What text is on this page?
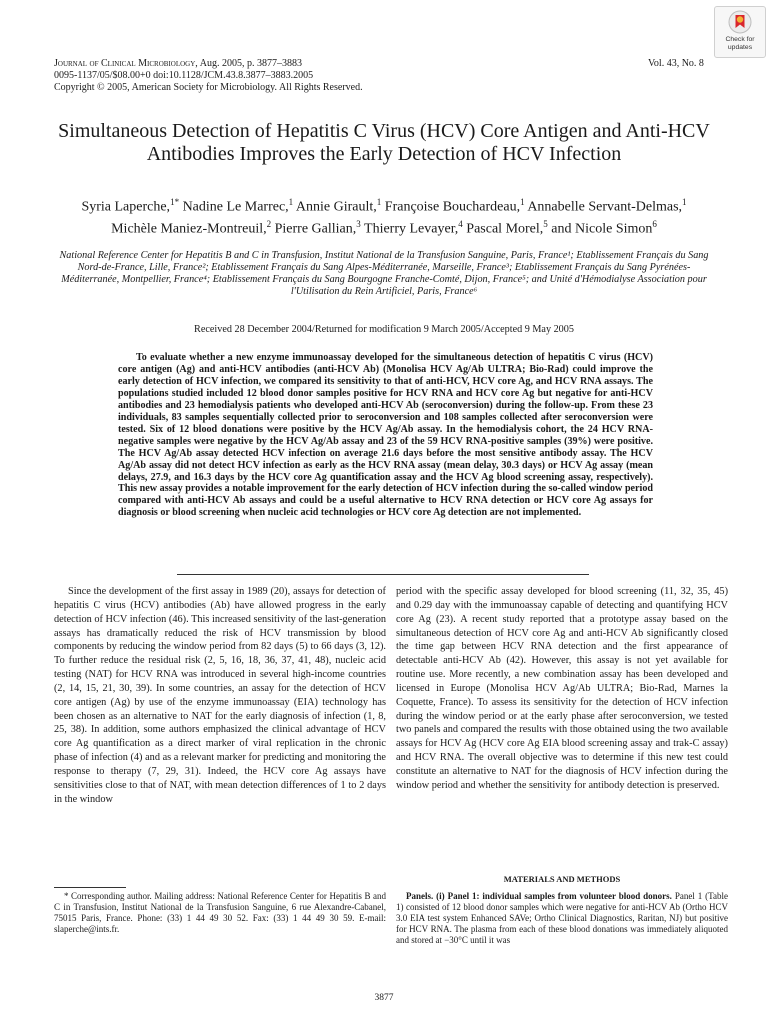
Journal of Clinical Microbiology, Aug. 2005, p. 3877–3883
0095-1137/05/$08.00+0 doi:10.1128/JCM.43.8.3877–3883.2005
Copyright © 2005, American Society for Microbiology. All Rights Reserved.
Vol. 43, No. 8
Check for
updates
Simultaneous Detection of Hepatitis C Virus (HCV) Core Antigen and Anti-HCV Antibodies Improves the Early Detection of HCV Infection
Syria Laperche,$^{1*}$ Nadine Le Marrec,$^1$ Annie Girault,$^1$ Françoise Bouchardeau,$^1$ Annabelle Servant-Delmas,$^1$ Michèle Maniez-Montreuil,$^2$ Pierre Gallian,$^3$ Thierry Levayer,$^4$ Pascal Morel,$^5$ and Nicole Simon$^6$
National Reference Center for Hepatitis B and C in Transfusion, Institut National de la Transfusion Sanguine, Paris, France¹; Etablissement Français du Sang Nord-de-France, Lille, France²; Etablissement Français du Sang Alpes-Méditerranée, Marseille, France³; Etablissement Français du Sang Pyrénées-Méditerranée, Montpellier, France⁴; Etablissement Français du Sang Bourgogne Franche-Comté, Dijon, France⁵; and Unité d'Hémodialyse Association pour l'Utilisation du Rein Artificiel, Paris, France⁶
Received 28 December 2004/Returned for modification 9 March 2005/Accepted 9 May 2005

To evaluate whether a new enzyme immunoassay developed for the simultaneous detection of hepatitis C virus (HCV) core antigen (Ag) and anti-HCV antibodies (anti-HCV Ab) (Monolisa HCV Ag/Ab ULTRA; Bio-Rad) could improve the early detection of HCV infection, we compared its sensitivity to that of anti-HCV, HCV core Ag, and HCV RNA assays. The populations studied included 12 blood donor samples positive for HCV RNA and HCV core Ag but negative for anti-HCV antibodies and 23 hemodialysis patients who developed anti-HCV Ab (seroconversion) during the follow-up. From these 23 individuals, 83 samples sequentially collected prior to seroconversion and 108 samples collected after seroconversion were tested. Six of 12 blood donations were positive by the HCV Ag/Ab assay. In the hemodialysis cohort, the 24 HCV RNA-negative samples were negative by the HCV Ag/Ab assay and 23 of the 59 HCV RNA-positive samples (39%) were positive. The HCV Ag/Ab assay detected HCV infection on average 21.6 days before the most sensitive antibody assay. The HCV Ag/Ab assay did not detect HCV infection as early as the HCV RNA assay (mean delay, 30.3 days) or HCV Ag assay (mean delays, 27.9, and 16.3 days by the HCV core Ag quantification assay and the HCV Ag blood screening assay, respectively). This new assay provides a notable improvement for the early detection of HCV infection during the so-called window period compared with anti-HCV Ab assays and could be a useful alternative to HCV RNA detection or HCV core Ag assays for diagnosis or blood screening when nucleic acid technologies or HCV core Ag detection are not implemented.

Since the development of the first assay in 1989 (20), assays for detection of hepatitis C virus (HCV) antibodies (Ab) have allowed progress in the early detection of HCV infection (46). This increased sensitivity of the last-generation assays has dramatically reduced the risk of HCV transmission by blood components by reducing the window period from 82 days (5) to 66 days (3, 12). To further reduce the residual risk (2, 5, 16, 18, 36, 37, 41, 48), nucleic acid testing (NAT) for HCV RNA was introduced in several high-income countries (2, 14, 15, 21, 30, 39). In some countries, an assay for the detection of HCV core antigen (Ag) by use of the enzyme immunoassay (EIA) technology has been chosen as an alternative to NAT for the early diagnosis of infection (1, 8, 25, 38). In addition, some authors emphasized the clinical advantage of HCV core Ag quantification as a direct marker of viral replication in the chronic phase of infection (4) and as a relevant marker for predicting and monitoring the response to therapy (7, 29, 31). Indeed, the HCV core Ag assays have sensitivities close to that of NAT, with mean detection differences of 1 to 2 days in the window

period with the specific assay developed for blood screening (11, 32, 35, 45) and 0.29 day with the immunoassay capable of detecting and quantifying HCV core Ag (23). A recent study reported that a prototype assay based on the simultaneous detection of HCV core Ag and anti-HCV Ab significantly closed the time gap between HCV RNA detection and the first appearance of detectable anti-HCV Ab (42). However, this assay is not yet available for routine use. More recently, a new combination assay has been developed and licensed in Europe (Monolisa HCV Ag/Ab ULTRA; Bio-Rad, Marnes la Coquette, France). To assess its sensitivity for the detection of HCV infection during the window period or at the early phase after seroconversion, we tested two panels and compared the results with those obtained using the two available assays for HCV Ag (HCV core Ag EIA blood screening assay and trak-C assay) and HCV RNA. The overall objective was to determine if this new test could constitute an alternative to NAT for the diagnosis of HCV infection during the window period and whether the sensitivity for antibody detection is preserved.

* Corresponding author. Mailing address: National Reference Center for Hepatitis B and C in Transfusion, Institut National de la Transfusion Sanguine, 6 rue Alexandre-Cabanel, 75015 Paris, France. Phone: (33) 1 44 49 30 52. Fax: (33) 1 44 49 30 59. E-mail: slaperche@ints.fr.

MATERIALS AND METHODS

Panels. (i) Panel 1: individual samples from volunteer blood donors. Panel 1 (Table 1) consisted of 12 blood donor samples which were negative for anti-HCV Ab (Ortho HCV 3.0 EIA test system Enhanced SAVe; Ortho Clinical Diagnostics, Raritan, NJ) but positive for HCV RNA. The plasma from each of these blood donations was immediately aliquoted and stored at −30°C until it was

3877
